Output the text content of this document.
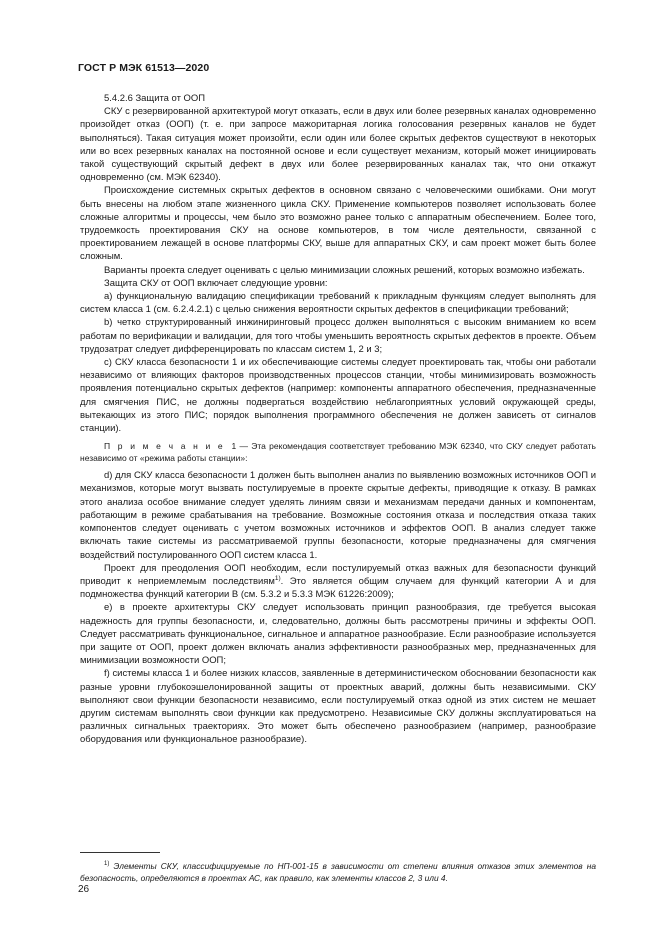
ГОСТ Р МЭК 61513—2020

5.4.2.6 Защита от ООП

СКУ с резервированной архитектурой могут отказать, если в двух или более резервных каналах одновременно произойдет отказ (ООП) (т. е. при запросе мажоритарная логика голосования резервных каналов не будет выполняться). Такая ситуация может произойти, если один или более скрытых дефектов существуют в некоторых или во всех резервных каналах на постоянной основе и если существует механизм, который может инициировать такой существующий скрытый дефект в двух или более резервированных каналах так, что они откажут одновременно (см. МЭК 62340).

Происхождение системных скрытых дефектов в основном связано с человеческими ошибками. Они могут быть внесены на любом этапе жизненного цикла СКУ. Применение компьютеров позволяет использовать более сложные алгоритмы и процессы, чем было это возможно ранее только с аппаратным обеспечением. Более того, трудоемкость проектирования СКУ на основе компьютеров, в том числе деятельности, связанной с проектированием лежащей в основе платформы СКУ, выше для аппаратных СКУ, и сам проект может быть более сложным.

Варианты проекта следует оценивать с целью минимизации сложных решений, которых возможно избежать.

Защита СКУ от ООП включает следующие уровни:

a) функциональную валидацию спецификации требований к прикладным функциям следует выполнять для систем класса 1 (см. 6.2.4.2.1) с целью снижения вероятности скрытых дефектов в спецификации требований;

b) четко структурированный инжиниринговый процесс должен выполняться с высоким вниманием ко всем работам по верификации и валидации, для того чтобы уменьшить вероятность скрытых дефектов в проекте. Объем трудозатрат следует дифференцировать по классам систем 1, 2 и 3;

c) СКУ класса безопасности 1 и их обеспечивающие системы следует проектировать так, чтобы они работали независимо от влияющих факторов производственных процессов станции, чтобы минимизировать возможность проявления потенциально скрытых дефектов (например: компоненты аппаратного обеспечения, предназначенные для смягчения ПИС, не должны подвергаться воздействию неблагоприятных условий окружающей среды, вытекающих из этого ПИС; порядок выполнения программного обеспечения не должен зависеть от сигналов станции).

П р и м е ч а н и е 1 — Эта рекомендация соответствует требованию МЭК 62340, что СКУ следует работать независимо от «режима работы станции»:

d) для СКУ класса безопасности 1 должен быть выполнен анализ по выявлению возможных источников ООП и механизмов, которые могут вызвать постулируемые в проекте скрытые дефекты, приводящие к отказу. В рамках этого анализа особое внимание следует уделять линиям связи и механизмам передачи данных и компонентам, работающим в режиме срабатывания на требование. Возможные состояния отказа и последствия отказа таких компонентов следует оценивать с учетом возможных источников и эффектов ООП. В анализ следует также включать такие системы из рассматриваемой группы безопасности, которые предназначены для смягчения воздействий постулированного ООП систем класса 1.

Проект для преодоления ООП необходим, если постулируемый отказ важных для безопасности функций приводит к неприемлемым последствиям$^{1)}$. Это является общим случаем для функций категории А и для подмножества функций категории В (см. 5.3.2 и 5.3.3 МЭК 61226:2009);

e) в проекте архитектуры СКУ следует использовать принцип разнообразия, где требуется высокая надежность для группы безопасности, и, следовательно, должны быть рассмотрены причины и эффекты ООП. Следует рассматривать функциональное, сигнальное и аппаратное разнообразие. Если разнообразие используется при защите от ООП, проект должен включать анализ эффективности разнообразных мер, предназначенных для минимизации возможности ООП;

f) системы класса 1 и более низких классов, заявленные в детерминистическом обосновании безопасности как разные уровни глубокоэшелонированной защиты от проектных аварий, должны быть независимыми. СКУ выполняют свои функции безопасности независимо, если постулируемый отказ одной из этих систем не мешает другим системам выполнять свои функции как предусмотрено. Независимые СКУ должны эксплуатироваться на различных сигнальных траекториях. Это может быть обеспечено разнообразием (например, разнообразие оборудования или функциональное разнообразие).

$^{1)}$ Элементы СКУ, классифицируемые по НП-001-15 в зависимости от степени влияния отказов этих элементов на безопасность, определяются в проектах АС, как правило, как элементы классов 2, 3 или 4.
26
